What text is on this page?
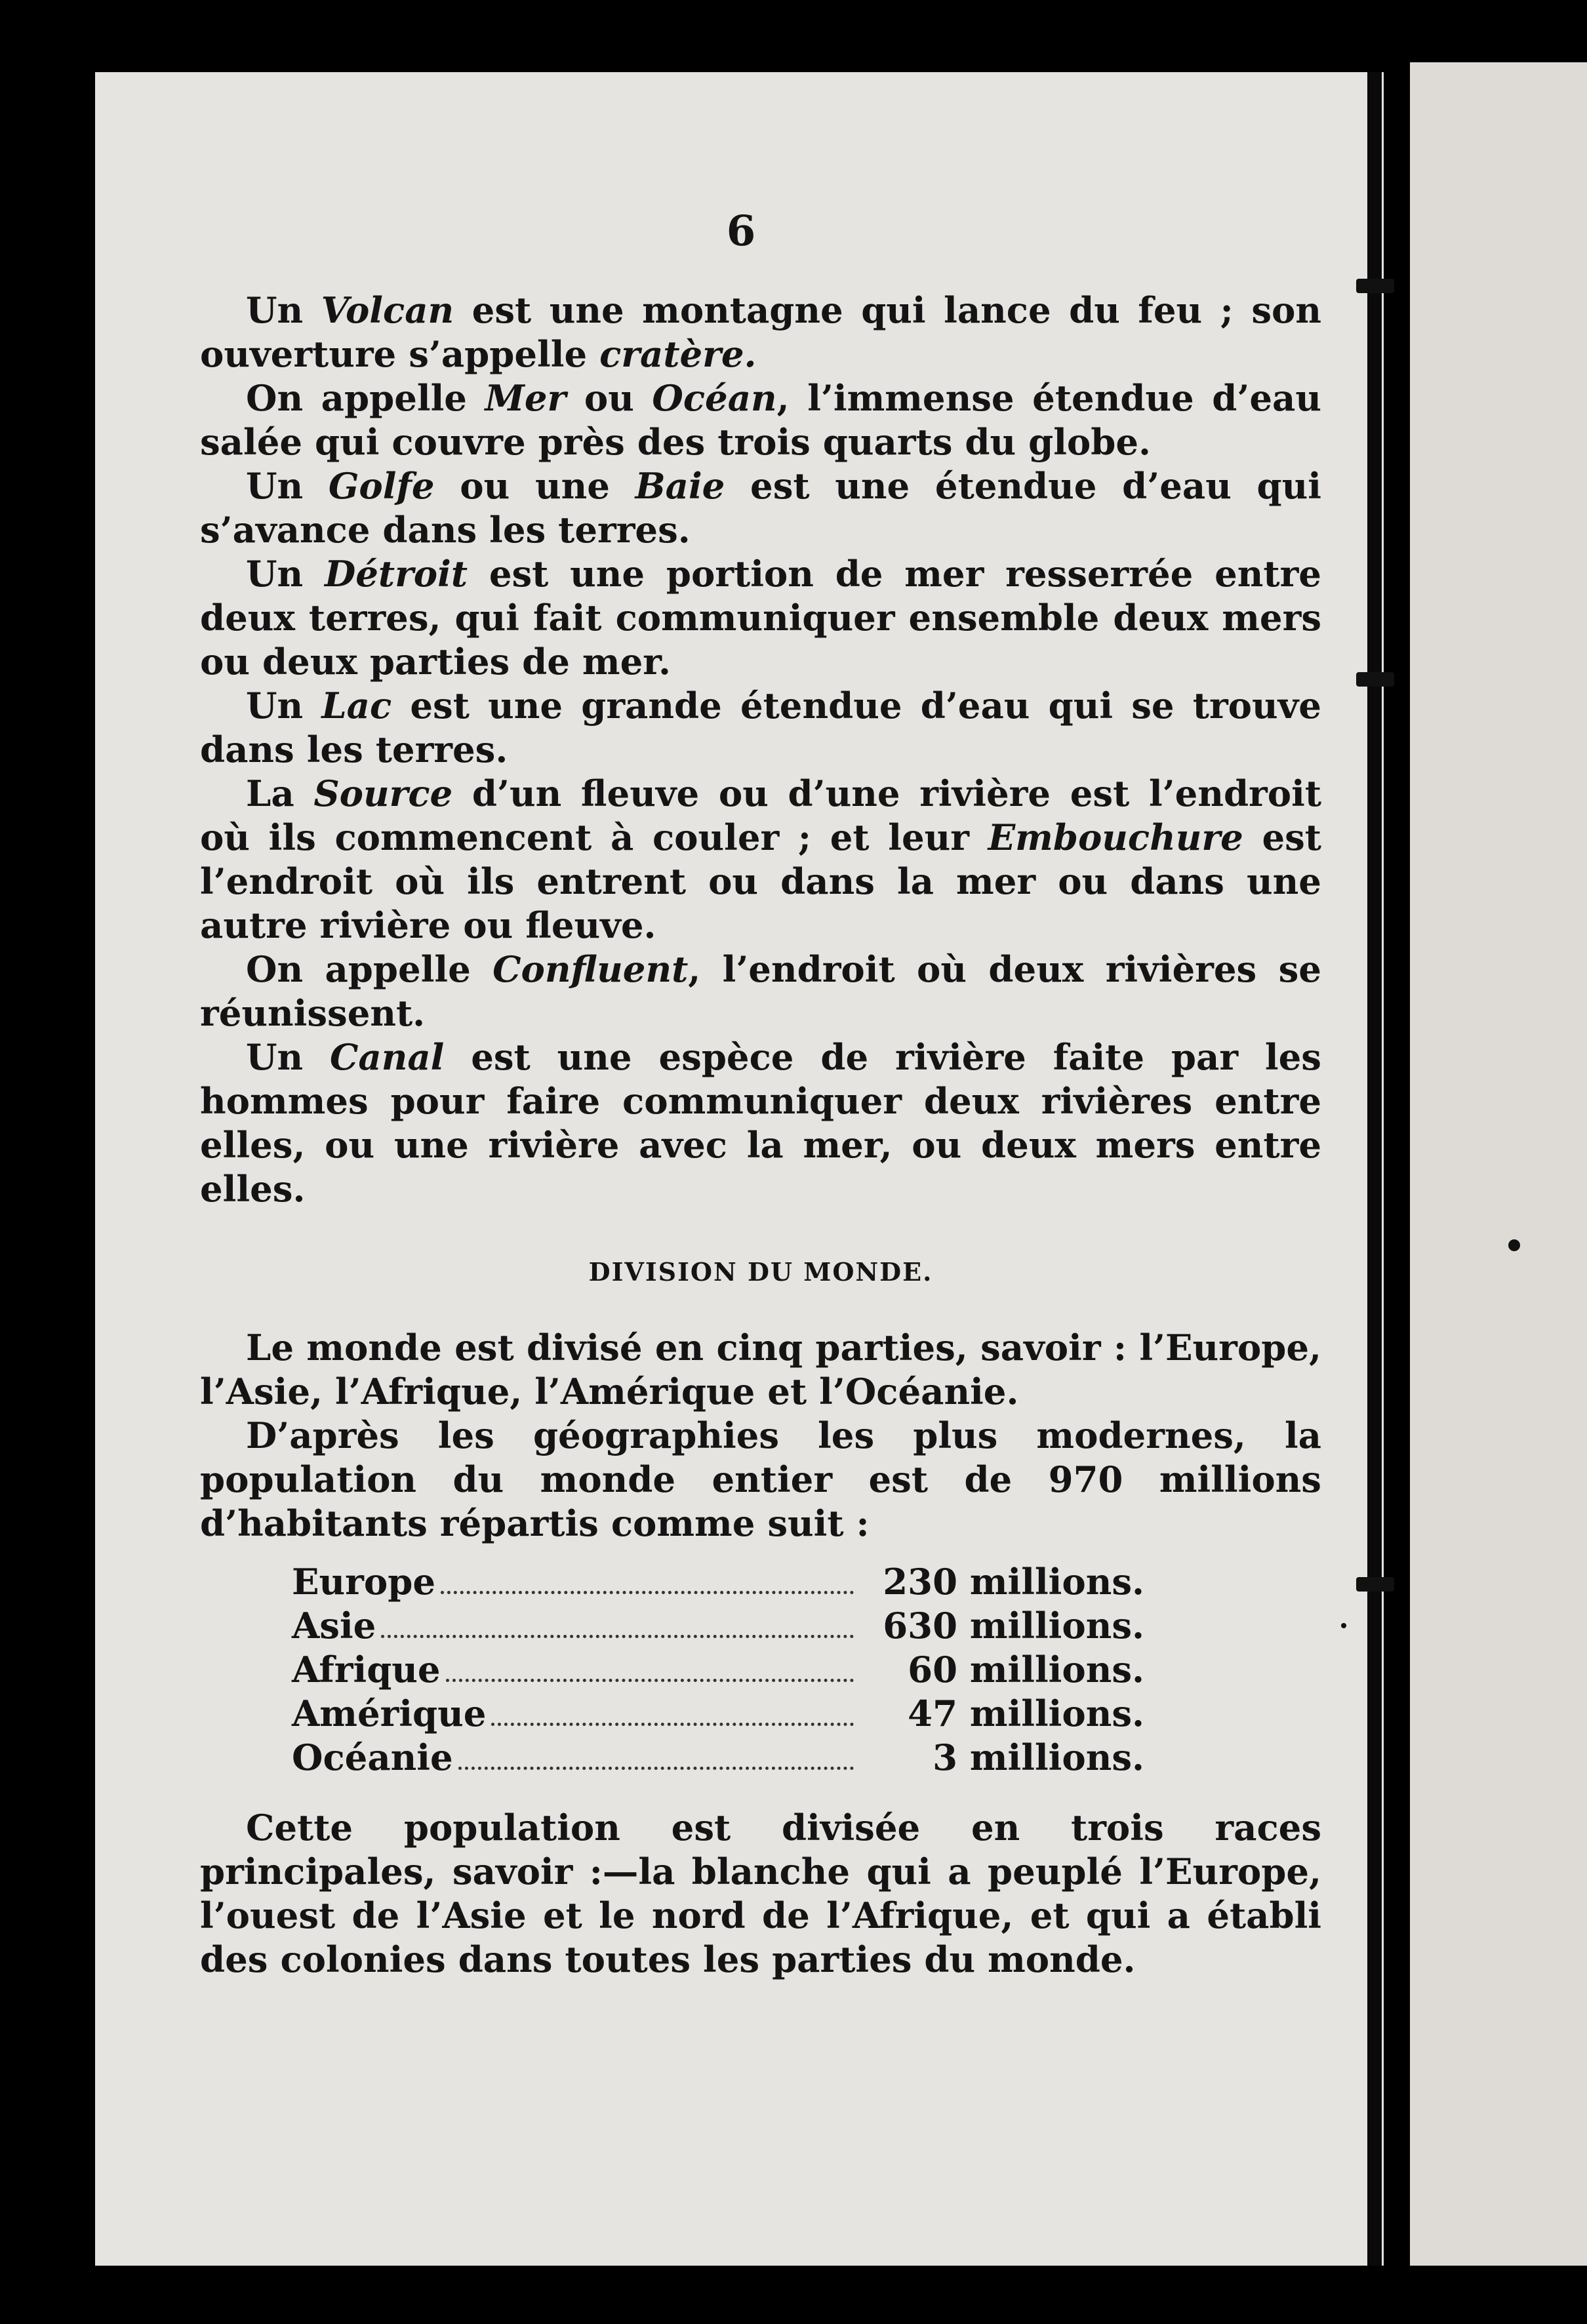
6

Un Volcan est une montagne qui lance du feu ; son ouverture s’appelle cratère.

On appelle Mer ou Océan, l’immense étendue d’eau salée qui couvre près des trois quarts du globe.

Un Golfe ou une Baie est une étendue d’eau qui s’avance dans les terres.

Un Détroit est une portion de mer resserrée entre deux terres, qui fait communiquer ensemble deux mers ou deux parties de mer.

Un Lac est une grande étendue d’eau qui se trouve dans les terres.

La Source d’un fleuve ou d’une rivière est l’endroit où ils commencent à couler ; et leur Embouchure est l’endroit où ils entrent ou dans la mer ou dans une autre rivière ou fleuve.

On appelle Confluent, l’endroit où deux rivières se réunissent.

Un Canal est une espèce de rivière faite par les hommes pour faire communiquer deux rivières entre elles, ou une rivière avec la mer, ou deux mers entre elles.

DIVISION DU MONDE.

Le monde est divisé en cinq parties, savoir : l’Europe, l’Asie, l’Afrique, l’Amérique et l’Océanie.

D’après les géographies les plus modernes, la population du monde entier est de 970 millions d’habitants répartis comme suit :

Europe	230 millions.
Asie	630 millions.
Afrique	60 millions.
Amérique	47 millions.
Océanie	3 millions.

Cette population est divisée en trois races principales, savoir :—la blanche qui a peuplé l’Europe, l’ouest de l’Asie et le nord de l’Afrique, et qui a établi des colonies dans toutes les parties du monde.
